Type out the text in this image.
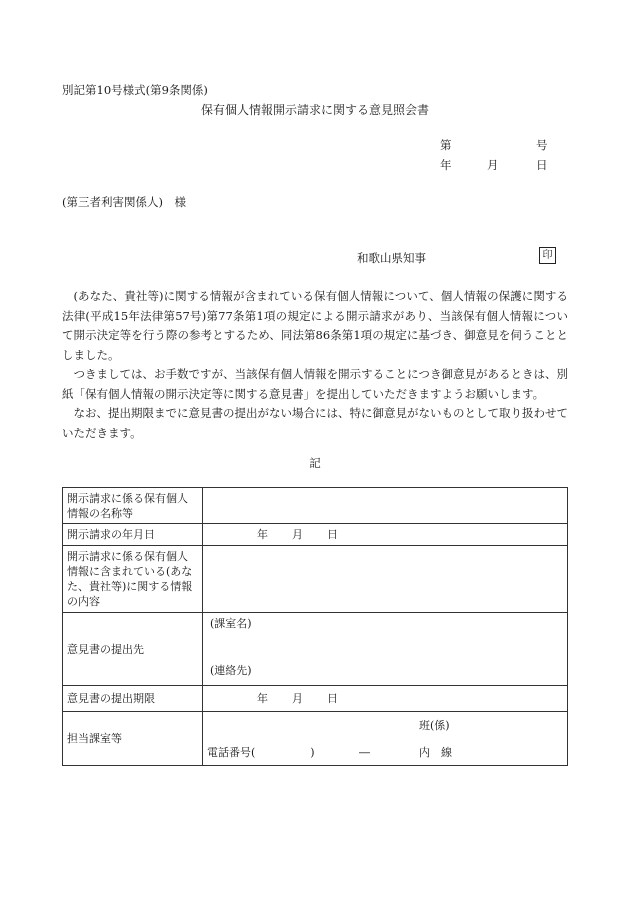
別記第10号様式(第9条関係)
保有個人情報開示請求に関する意見照会書
第	号
年	月	日
(第三者利害関係人)　様
和歌山県知事	印

(あなた、貴社等)に関する情報が含まれている保有個人情報について、個人情報の保護に関する法律(平成15年法律第57号)第77条第1項の規定による開示請求があり、当該保有個人情報について開示決定等を行う際の参考とするため、同法第86条第1項の規定に基づき、御意見を伺うこととしました。

つきましては、お手数ですが、当該保有個人情報を開示することにつき御意見があるときは、別紙「保有個人情報の開示決定等に関する意見書」を提出していただきますようお願いします。

なお、提出期限までに意見書の提出がない場合には、特に御意見がないものとして取り扱わせていただきます。

記
開示請求に係る保有個人情報の名称等	
開示請求の年月日	年 月 日

開示請求に係る保有個人情報に含まれている(あなた、貴社等)に関する情報の内容	
意見書の提出先	(課室名)
(連絡先)

意見書の提出期限	年 月 日

担当課室等	班(係)
電話番号(　　　　　) ― 内　線
